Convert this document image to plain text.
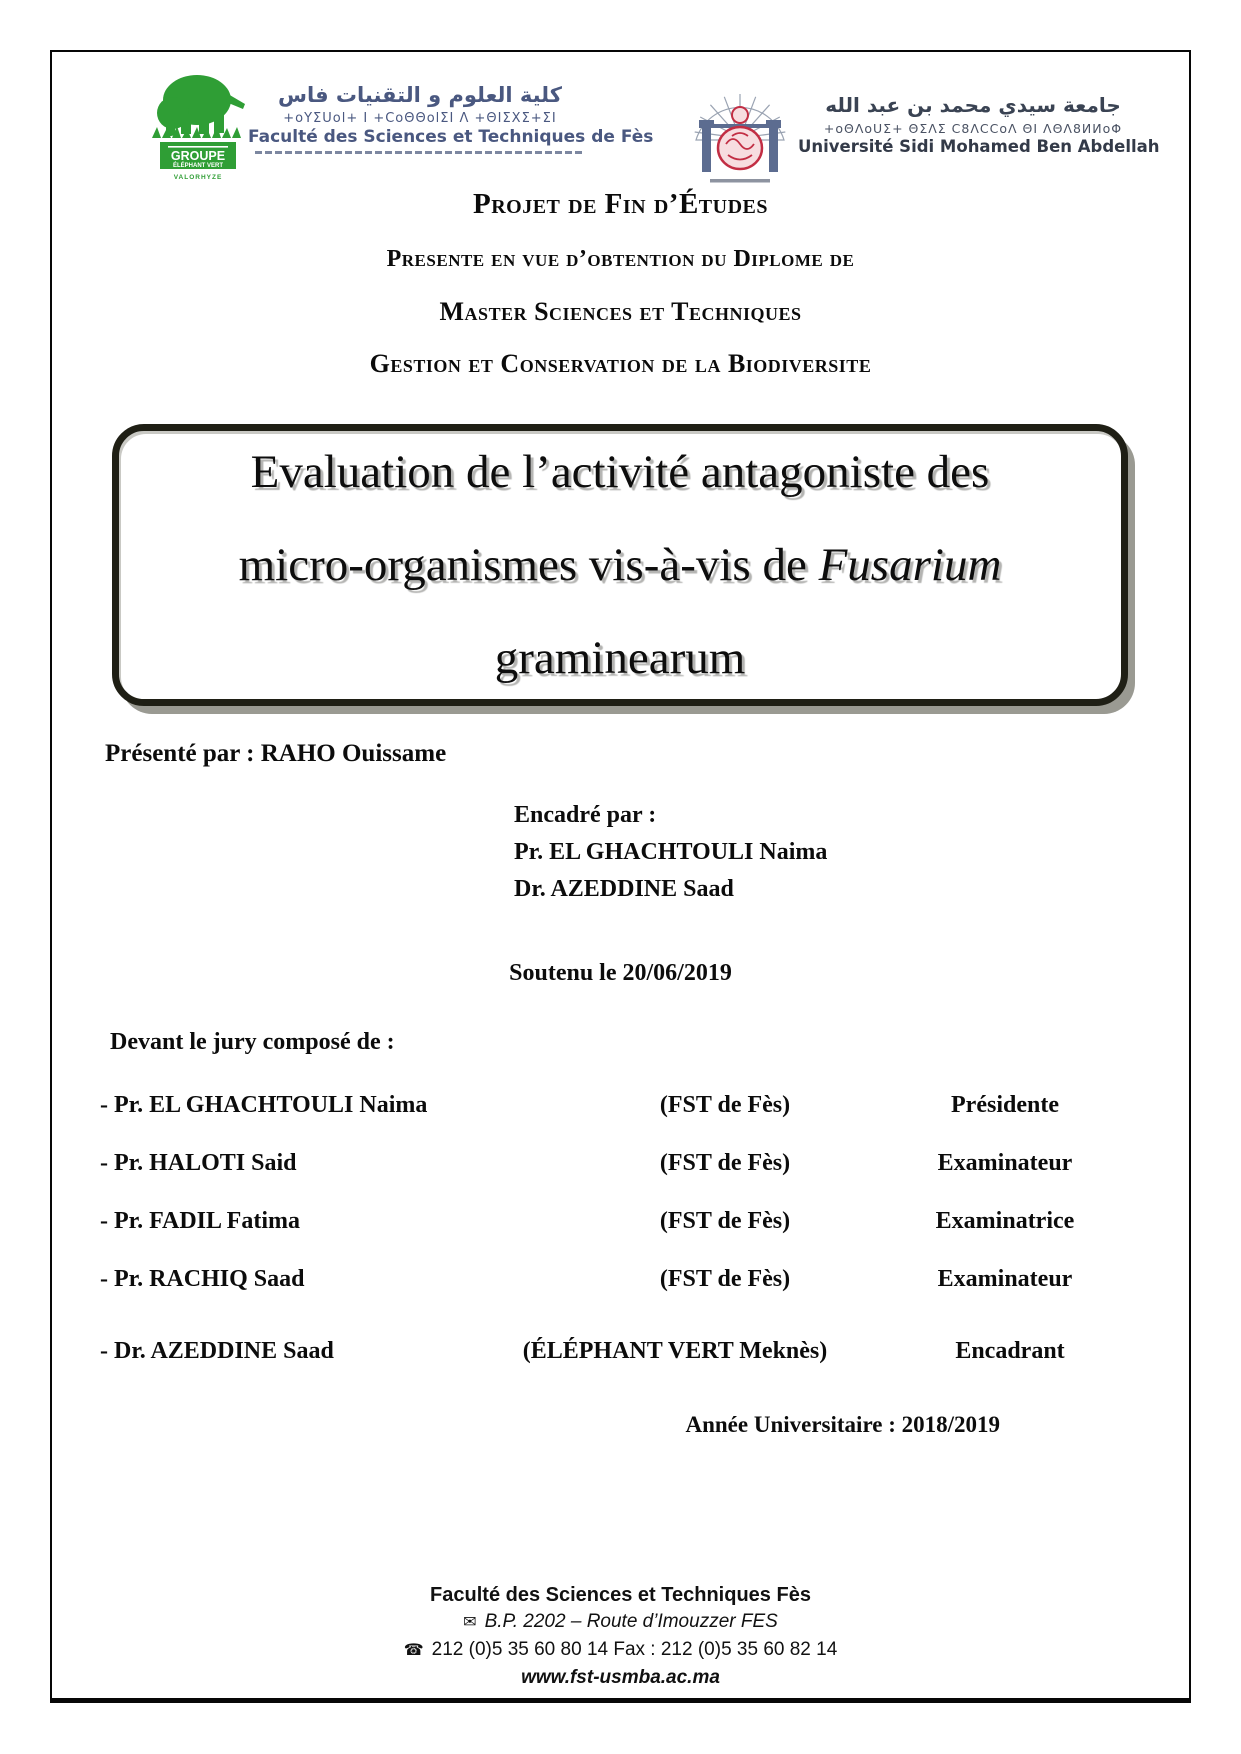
GROUPE
ÉLÉPHANT VERT
VALORHYZE
كلية العلوم و التقنيات فاس
+oYΣUol+ I +CoΘΘolΣI Λ +ΘIΣXΣ+ΣI
Faculté des Sciences et Techniques de Fès
جامعة سيدي محمد بن عبد الله
+oΘΛoUΣ+ ΘΣΛΣ C8ΛCCoΛ ΘI ΛΘΛ8ИИoΦ
Université Sidi Mohamed Ben Abdellah
Projet de Fin d’Études
Presente en vue d’obtention du Diplome de
Master Sciences et Techniques
Gestion et Conservation de la Biodiversite
Evaluation de l’activité antagoniste des
micro-organismes vis-à-vis de Fusarium
graminearum
Présenté par : RAHO Ouissame
Encadré par :
Pr. EL GHACHTOULI Naima
Dr. AZEDDINE Saad
Soutenu le 20/06/2019
Devant le jury composé de :
- Pr. EL GHACHTOULI Naima	(FST de Fès)	Présidente
- Pr. HALOTI Said	(FST de Fès)	Examinateur
- Pr. FADIL Fatima	(FST de Fès)	Examinatrice
- Pr. RACHIQ Saad	(FST de Fès)	Examinateur
- Dr. AZEDDINE Saad	(ÉLÉPHANT VERT Meknès)	Encadrant
Année Universitaire : 2018/2019
Faculté des Sciences et Techniques Fès
✉ B.P. 2202 – Route d’Imouzzer FES
☎ 212 (0)5 35 60 80 14 Fax : 212 (0)5 35 60 82 14
www.fst-usmba.ac.ma
